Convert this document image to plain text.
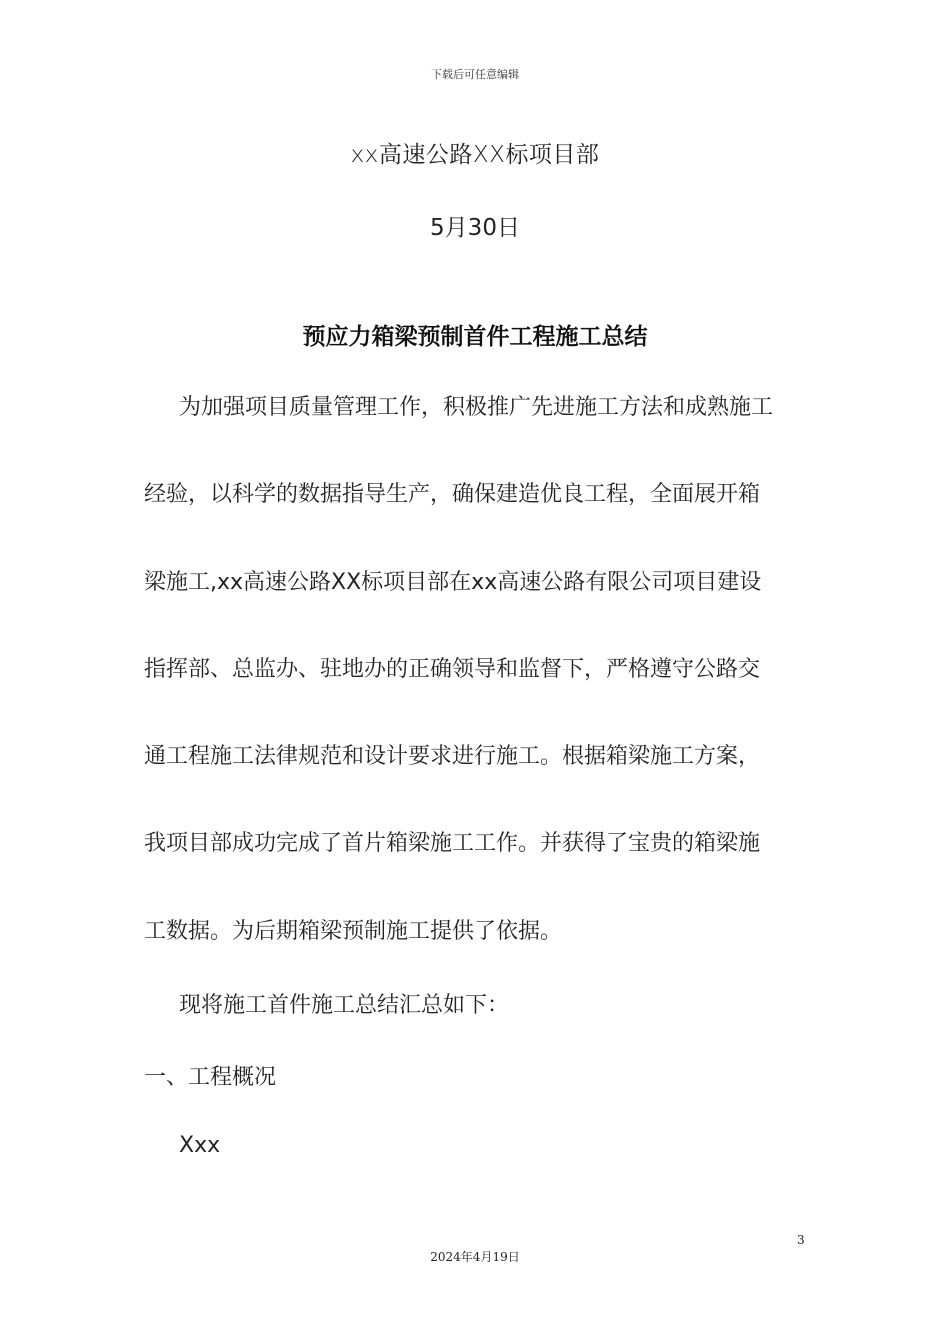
下载后可任意编辑
xx高速公路XX标项目部
5月30日
预应力箱梁预制首件工程施工总结

为加强项目质量管理工作，积极推广先进施工方法和成熟施工

经验，以科学的数据指导生产，确保建造优良工程，全面展开箱

梁施工,xx高速公路XX标项目部在xx高速公路有限公司项目建设

指挥部、总监办、驻地办的正确领导和监督下，严格遵守公路交

通工程施工法律规范和设计要求进行施工。根据箱梁施工方案，

我项目部成功完成了首片箱梁施工工作。并获得了宝贵的箱梁施

工数据。为后期箱梁预制施工提供了依据。

现将施工首件施工总结汇总如下：
一、工程概况
Xxx
3
2024年4月19日
